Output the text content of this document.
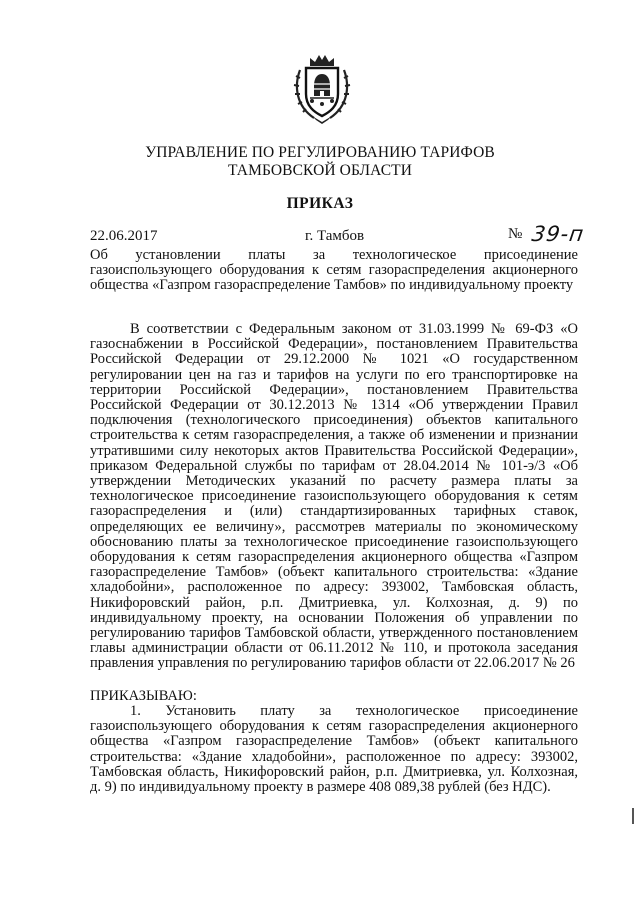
УПРАВЛЕНИЕ ПО РЕГУЛИРОВАНИЮ ТАРИФОВ
ТАМБОВСКОЙ ОБЛАСТИ
ПРИКАЗ
22.06.2017	г. Тамбов	№ 39-п

Об установлении платы за технологическое присоединение газоиспользующего оборудования к сетям газораспределения акционерного общества «Газпром газораспределение Тамбов» по индивидуальному проекту

В соответствии с Федеральным законом от 31.03.1999 № 69-ФЗ «О газоснабжении в Российской Федерации», постановлением Правительства Российской Федерации от 29.12.2000 № 1021 «О государственном регулировании цен на газ и тарифов на услуги по его транспортировке на территории Российской Федерации», постановлением Правительства Российской Федерации от 30.12.2013 № 1314 «Об утверждении Правил подключения (технологического присоединения) объектов капитального строительства к сетям газораспределения, а также об изменении и признании утратившими силу некоторых актов Правительства Российской Федерации», приказом Федеральной службы по тарифам от 28.04.2014 № 101-э/3 «Об утверждении Методических указаний по расчету размера платы за технологическое присоединение газоиспользующего оборудования к сетям газораспределения и (или) стандартизированных тарифных ставок, определяющих ее величину», рассмотрев материалы по экономическому обоснованию платы за технологическое присоединение газоиспользующего оборудования к сетям газораспределения акционерного общества «Газпром газораспределение Тамбов» (объект капитального строительства: «Здание хладобойни», расположенное по адресу: 393002, Тамбовская область, Никифоровский район, р.п. Дмитриевка, ул. Колхозная, д. 9) по индивидуальному проекту, на основании Положения об управлении по регулированию тарифов Тамбовской области, утвержденного постановлением главы администрации области от 06.11.2012 № 110, и протокола заседания правления управления по регулированию тарифов области от 22.06.2017 № 26

ПРИКАЗЫВАЮ:

1. Установить плату за технологическое присоединение газоиспользующего оборудования к сетям газораспределения акционерного общества «Газпром газораспределение Тамбов» (объект капитального строительства: «Здание хладобойни», расположенное по адресу: 393002, Тамбовская область, Никифоровский район, р.п. Дмитриевка, ул. Колхозная, д. 9) по индивидуальному проекту в размере 408 089,38 рублей (без НДС).
